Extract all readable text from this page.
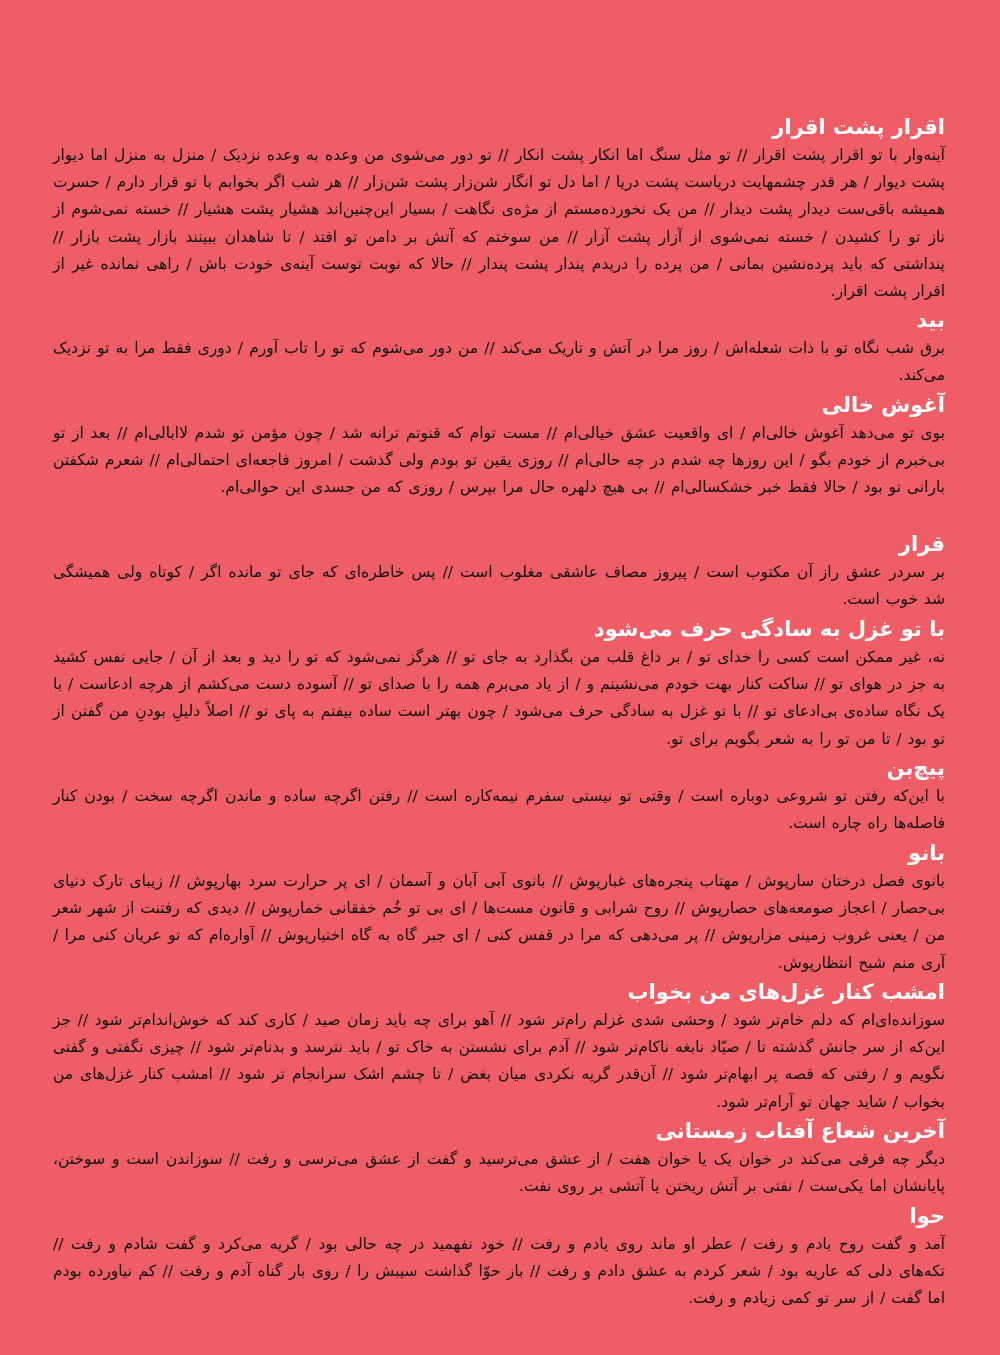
اقرار پشت اقرار

آینه‌وار با تو اقرار پشت اقرار // تو مثل سنگ اما انکار پشت انکار // تو دور می‌شوی من وعده به وعده نزدیک / منزل به منزل اما دیوار پشت دیوار / هر قدر چشمهایت دریاست پشت دریا / اما دل تو انگار شن‌زار پشت شن‌زار // هر شب اگر بخوابم با تو قرار دارم / حسرت همیشه باقی‌ست دیدار پشت دیدار // من یک نخورده‌مستم از مژه‌ی نگاهت / بسیار این‌چنین‌اند هشیار پشت هشیار // خسته نمی‌شوم از ناز تو را کشیدن / خسته نمی‌شوی از آزار پشت آزار // من سوختم که آتش بر دامن تو افتد / تا شاهدان ببینند بازار پشت بازار // پنداشتی که باید پرده‌نشین بمانی / من پرده را دریدم پندار پشت پندار // حالا که نوبت توست آینه‌ی خودت باش / راهی نمانده غیر از اقرار پشت اقرار.

بید

برق شب نگاه تو با ذات شعله‌اش / روز مرا در آتش و تاریک می‌کند // من دور می‌شوم که تو را تاب آورم / دوری فقط مرا به تو نزدیک می‌کند.

آغوش خالی

بوی تو می‌دهد آغوش خالی‌ام / ای واقعیت عشق خیالی‌ام // مست توام که قنوتم ترانه شد / چون مؤمن تو شدم لاابالی‌ام // بعد از تو بی‌خبرم از خودم بگو / این روزها چه شدم در چه حالی‌ام // روزی یقین تو بودم ولی گذشت / امروز فاجعه‌ای احتمالی‌ام // شعرم شکفتن بارانی تو بود / حالا فقط خبر خشکسالی‌ام // بی هیچ دلهره حال مرا بپرس / روزی که من جسدی این حوالی‌ام.

قرار

بر سردر عشق راز آن مکتوب است / پیروز مصاف عاشقی مغلوب است // پس خاطره‌ای که جای تو مانده اگر / کوتاه ولی همیشگی شد خوب است.

با تو غزل به سادگی حرف می‌شود

نه، غیر ممکن است کسی را خدای تو / بر داغ قلب من بگذارد به جای تو // هرگز نمی‌شود که تو را دید و بعد از آن / جایی نفس کشید به جز در هوای تو // ساکت کنار بهت خودم می‌نشینم و / از یاد می‌برم همه را با صدای تو // آسوده دست می‌کشم از هرچه ادعاست / با یک نگاه ساده‌ی بی‌ادعای تو // با تو غزل به سادگی حرف می‌شود / چون بهتر است ساده بیفتم به پای تو // اصلاً دلیلِ بودنِ من گفتن از تو بود / تا من تو را به شعر بگویم برای تو.

پیچ‌بن

با این‌که رفتن تو شروعی دوباره است / وقتی تو نیستی سفرم نیمه‌کاره است // رفتن اگرچه ساده و ماندن اگرچه سخت / بودن کنار فاصله‌ها راه چاره است.

بانو

بانوی فصل درختان سارپوش / مهتاب پنجره‌های غبارپوش // بانوی آبی آبان و آسمان / ای پر حرارت سرد بهارپوش // زیبای تارک دنیای بی‌حصار / اعجاز صومعه‌های حصارپوش // روح شرابی و قانون مست‌ها / ای بی تو خُم خفقانی خمارپوش // دیدی که رفتنت از شهر شعر من / یعنی غروب زمینی مزارپوش // پر می‌دهی که مرا در قفس کنی / ای جبر گاه به گاه اختیارپوش // آواره‌ام که تو عریان کنی مرا / آری منم شبح انتظارپوش.

امشب کنار غزل‌های من بخواب

سوزانده‌ای‌ام که دلم خام‌تر شود / وحشی شدی غزلم رام‌تر شود // آهو برای چه باید زمان صید / کاری کند که خوش‌اندام‌تر شود // جز این‌که از سر جانش گذشته تا / صیّاد نابغه ناکام‌تر شود // آدم برای نشستن به خاک تو / باید نترسد و بدنام‌تر شود // چیزی نگفتی و گفتی نگویم و / رفتی که قصه پر ابهام‌تر شود // آن‌قدر گریه نکردی میان بغض / تا چشم اشک سرانجام تر شود // امشب کنار غزل‌های من بخواب / شاید جهان تو آرام‌تر شود.

آخرین شعاع آفتاب زمستانی

دیگر چه فرقی می‌کند در خوان یک یا خوان هفت / از عشق می‌ترسید و گفت از عشق می‌ترسی و رفت // سوزاندن است و سوختن، پایانشان اما یکی‌ست / نفتی بر آتش ریختن یا آتشی بر روی نفت.

حوا

آمد و گفت روح بادم و رفت / عطر او ماند روی یادم و رفت // خود نفهمید در چه حالی بود / گریه می‌کرد و گفت شادم و رفت // تکه‌های دلی که عاریه بود / شعر کردم به عشق دادم و رفت // باز حوّا گذاشت سیبش را / روی بار گناه آدم و رفت // کم نیاورده بودم اما گفت / از سر تو کمی زیادم و رفت.
